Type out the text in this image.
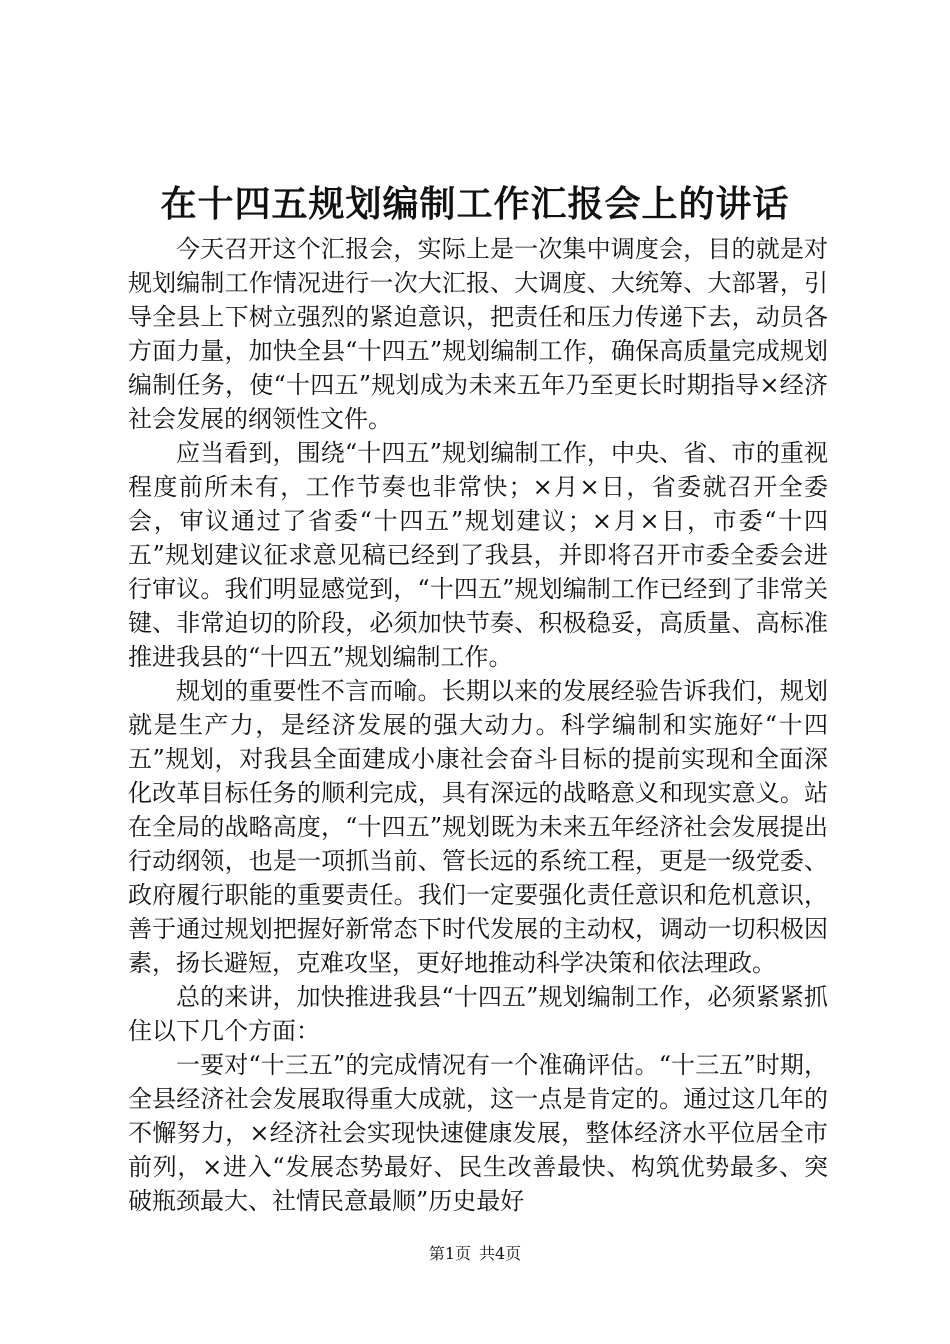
在十四五规划编制工作汇报会上的讲话

今天召开这个汇报会，实际上是一次集中调度会，目的就是对规划编制工作情况进行一次大汇报、大调度、大统筹、大部署，引导全县上下树立强烈的紧迫意识，把责任和压力传递下去，动员各方面力量，加快全县“十四五”规划编制工作，确保高质量完成规划编制任务，使“十四五”规划成为未来五年乃至更长时期指导×经济社会发展的纲领性文件。

应当看到，围绕“十四五”规划编制工作，中央、省、市的重视程度前所未有，工作节奏也非常快；×月×日，省委就召开全委会，审议通过了省委“十四五”规划建议；×月×日，市委“十四五”规划建议征求意见稿已经到了我县，并即将召开市委全委会进行审议。我们明显感觉到，“十四五”规划编制工作已经到了非常关键、非常迫切的阶段，必须加快节奏、积极稳妥，高质量、高标准推进我县的“十四五”规划编制工作。

规划的重要性不言而喻。长期以来的发展经验告诉我们，规划就是生产力，是经济发展的强大动力。科学编制和实施好“十四五”规划，对我县全面建成小康社会奋斗目标的提前实现和全面深化改革目标任务的顺利完成，具有深远的战略意义和现实意义。站在全局的战略高度，“十四五”规划既为未来五年经济社会发展提出行动纲领，也是一项抓当前、管长远的系统工程，更是一级党委、政府履行职能的重要责任。我们一定要强化责任意识和危机意识，善于通过规划把握好新常态下时代发展的主动权，调动一切积极因素，扬长避短，克难攻坚，更好地推动科学决策和依法理政。

总的来讲，加快推进我县“十四五”规划编制工作，必须紧紧抓住以下几个方面：

一要对“十三五”的完成情况有一个准确评估。“十三五”时期，全县经济社会发展取得重大成就，这一点是肯定的。通过这几年的不懈努力，×经济社会实现快速健康发展，整体经济水平位居全市前列，×进入“发展态势最好、民生改善最快、构筑优势最多、突破瓶颈最大、社情民意最顺”历史最好

第1页 共4页
